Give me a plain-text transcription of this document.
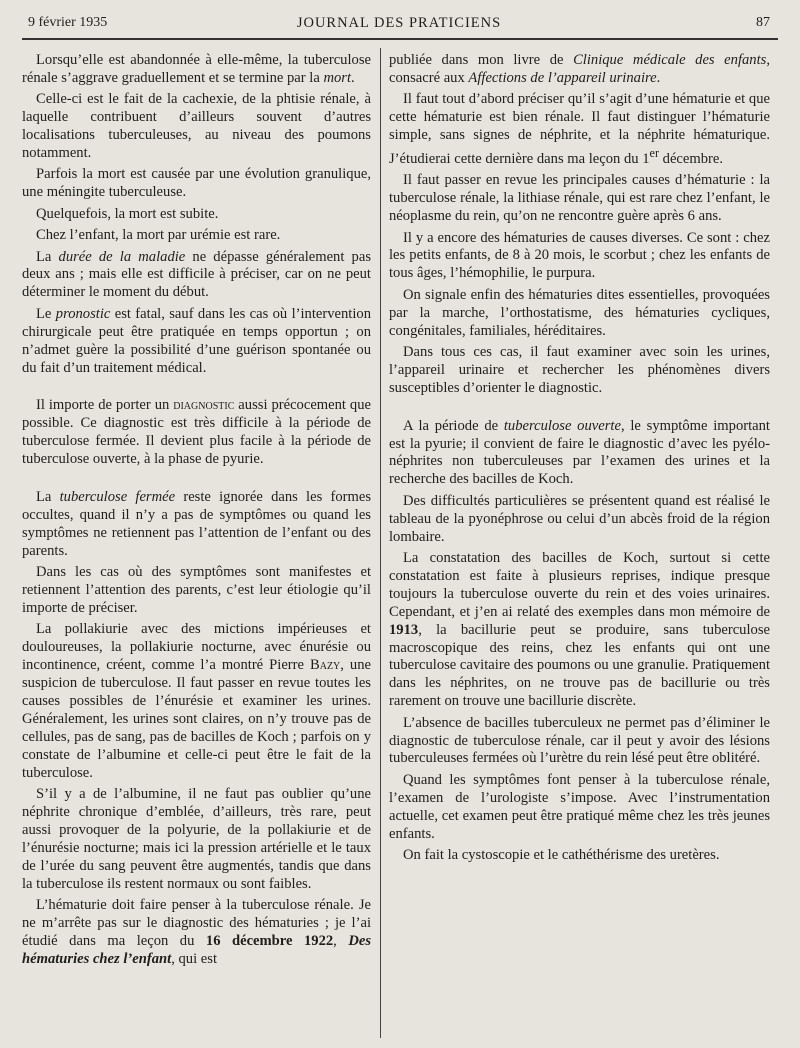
9 février 1935	JOURNAL DES PRATICIENS	87

Lorsqu’elle est abandonnée à elle-même, la tuberculose rénale s’aggrave graduellement et se termine par la mort.

Celle-ci est le fait de la cachexie, de la phtisie rénale, à laquelle contribuent d’ailleurs souvent d’autres localisations tuberculeuses, au niveau des poumons notamment.

Parfois la mort est causée par une évolution granulique, une méningite tuberculeuse.

Quelquefois, la mort est subite.

Chez l’enfant, la mort par urémie est rare.

La durée de la maladie ne dépasse généralement pas deux ans ; mais elle est difficile à préciser, car on ne peut déterminer le moment du début.

Le pronostic est fatal, sauf dans les cas où l’intervention chirurgicale peut être pratiquée en temps opportun ; on n’admet guère la possibilité d’une guérison spontanée ou du fait d’un traitement médical.

Il importe de porter un diagnostic aussi précocement que possible. Ce diagnostic est très difficile à la période de tuberculose fermée. Il devient plus facile à la période de tuberculose ouverte, à la phase de pyurie.

La tuberculose fermée reste ignorée dans les formes occultes, quand il n’y a pas de symptômes ou quand les symptômes ne retiennent pas l’attention de l’enfant ou des parents.

Dans les cas où des symptômes sont manifestes et retiennent l’attention des parents, c’est leur étiologie qu’il importe de préciser.

La pollakiurie avec des mictions impérieuses et douloureuses, la pollakiurie nocturne, avec énurésie ou incontinence, créent, comme l’a montré Pierre Bazy, une suspicion de tuberculose. Il faut passer en revue toutes les causes possibles de l’énurésie et examiner les urines. Généralement, les urines sont claires, on n’y trouve pas de cellules, pas de sang, pas de bacilles de Koch ; parfois on y constate de l’albumine et celle-ci peut être le fait de la tuberculose.

S’il y a de l’albumine, il ne faut pas oublier qu’une néphrite chronique d’emblée, d’ailleurs, très rare, peut aussi provoquer de la polyurie, de la pollakiurie et de l’énurésie nocturne; mais ici la pression artérielle et le taux de l’urée du sang peuvent être augmentés, tandis que dans la tuberculose ils restent normaux ou sont faibles.

L’hématurie doit faire penser à la tuberculose rénale. Je ne m’arrête pas sur le diagnostic des hématuries ; je l’ai étudié dans ma leçon du 16 décembre 1922, Des hématuries chez l’enfant, qui est

publiée dans mon livre de Clinique médicale des enfants, consacré aux Affections de l’appareil urinaire.

Il faut tout d’abord préciser qu’il s’agit d’une hématurie et que cette hématurie est bien rénale. Il faut distinguer l’hématurie simple, sans signes de néphrite, et la néphrite hématurique. J’étudierai cette dernière dans ma leçon du 1er décembre.

Il faut passer en revue les principales causes d’hématurie : la tuberculose rénale, la lithiase rénale, qui est rare chez l’enfant, le néoplasme du rein, qu’on ne rencontre guère après 6 ans.

Il y a encore des hématuries de causes diverses. Ce sont : chez les petits enfants, de 8 à 20 mois, le scorbut ; chez les enfants de tous âges, l’hémophilie, le purpura.

On signale enfin des hématuries dites essentielles, provoquées par la marche, l’orthostatisme, des hématuries cycliques, congénitales, familiales, héréditaires.

Dans tous ces cas, il faut examiner avec soin les urines, l’appareil urinaire et rechercher les phénomènes divers susceptibles d’orienter le diagnostic.

A la période de tuberculose ouverte, le symptôme important est la pyurie; il convient de faire le diagnostic d’avec les pyélo-néphrites non tuberculeuses par l’examen des urines et la recherche des bacilles de Koch.

Des difficultés particulières se présentent quand est réalisé le tableau de la pyonéphrose ou celui d’un abcès froid de la région lombaire.

La constatation des bacilles de Koch, surtout si cette constatation est faite à plusieurs reprises, indique presque toujours la tuberculose ouverte du rein et des voies urinaires. Cependant, et j’en ai relaté des exemples dans mon mémoire de 1913, la bacillurie peut se produire, sans tuberculose macroscopique des reins, chez les enfants qui ont une tuberculose cavitaire des poumons ou une granulie. Pratiquement dans les néphrites, on ne trouve pas de bacillurie ou très rarement on trouve une bacillurie discrète.

L’absence de bacilles tuberculeux ne permet pas d’éliminer le diagnostic de tuberculose rénale, car il peut y avoir des lésions tuberculeuses fermées où l’urètre du rein lésé peut être oblitéré.

Quand les symptômes font penser à la tuberculose rénale, l’examen de l’urologiste s’impose. Avec l’instrumentation actuelle, cet examen peut être pratiqué même chez les très jeunes enfants.

On fait la cystoscopie et le cathéthérisme des uretères.
